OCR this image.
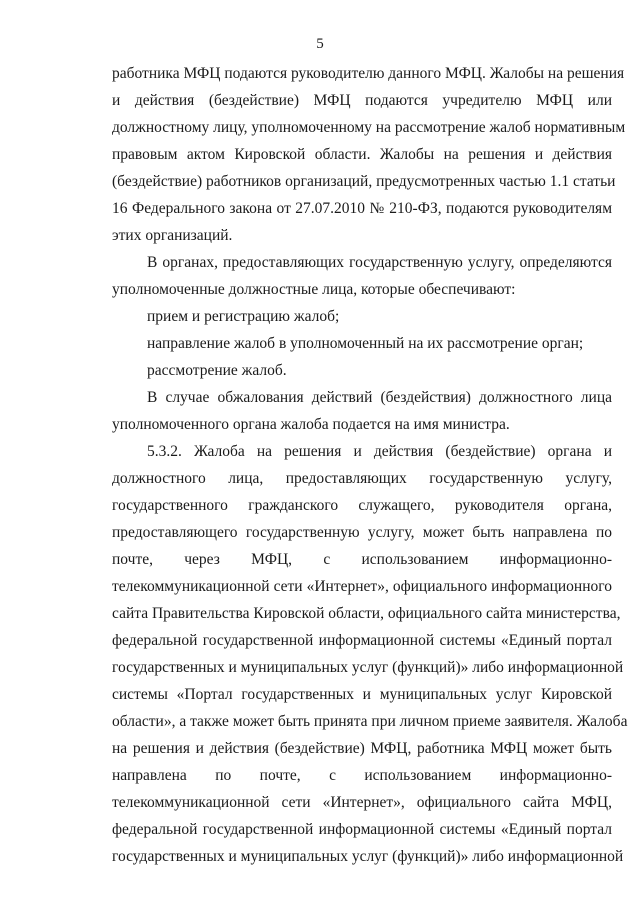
5
работника МФЦ подаются руководителю данного МФЦ. Жалобы на решения
и действия (бездействие) МФЦ подаются учредителю МФЦ или
должностному лицу, уполномоченному на рассмотрение жалоб нормативным
правовым актом Кировской области. Жалобы на решения и действия
(бездействие) работников организаций, предусмотренных частью 1.1 статьи
16 Федерального закона от 27.07.2010 № 210-ФЗ, подаются руководителям
этих организаций.
В органах, предоставляющих государственную услугу, определяются
уполномоченные должностные лица, которые обеспечивают:
прием и регистрацию жалоб;
направление жалоб в уполномоченный на их рассмотрение орган;
рассмотрение жалоб.
В случае обжалования действий (бездействия) должностного лица
уполномоченного органа жалоба подается на имя министра.
5.3.2. Жалоба на решения и действия (бездействие) органа и
должностного лица, предоставляющих государственную услугу,
государственного гражданского служащего, руководителя органа,
предоставляющего государственную услугу, может быть направлена по
почте, через МФЦ, с использованием информационно-
телекоммуникационной сети «Интернет», официального информационного
сайта Правительства Кировской области, официального сайта министерства,
федеральной государственной информационной системы «Единый портал
государственных и муниципальных услуг (функций)» либо информационной
системы «Портал государственных и муниципальных услуг Кировской
области», а также может быть принята при личном приеме заявителя. Жалоба
на решения и действия (бездействие) МФЦ, работника МФЦ может быть
направлена по почте, с использованием информационно-
телекоммуникационной сети «Интернет», официального сайта МФЦ,
федеральной государственной информационной системы «Единый портал
государственных и муниципальных услуг (функций)» либо информационной
